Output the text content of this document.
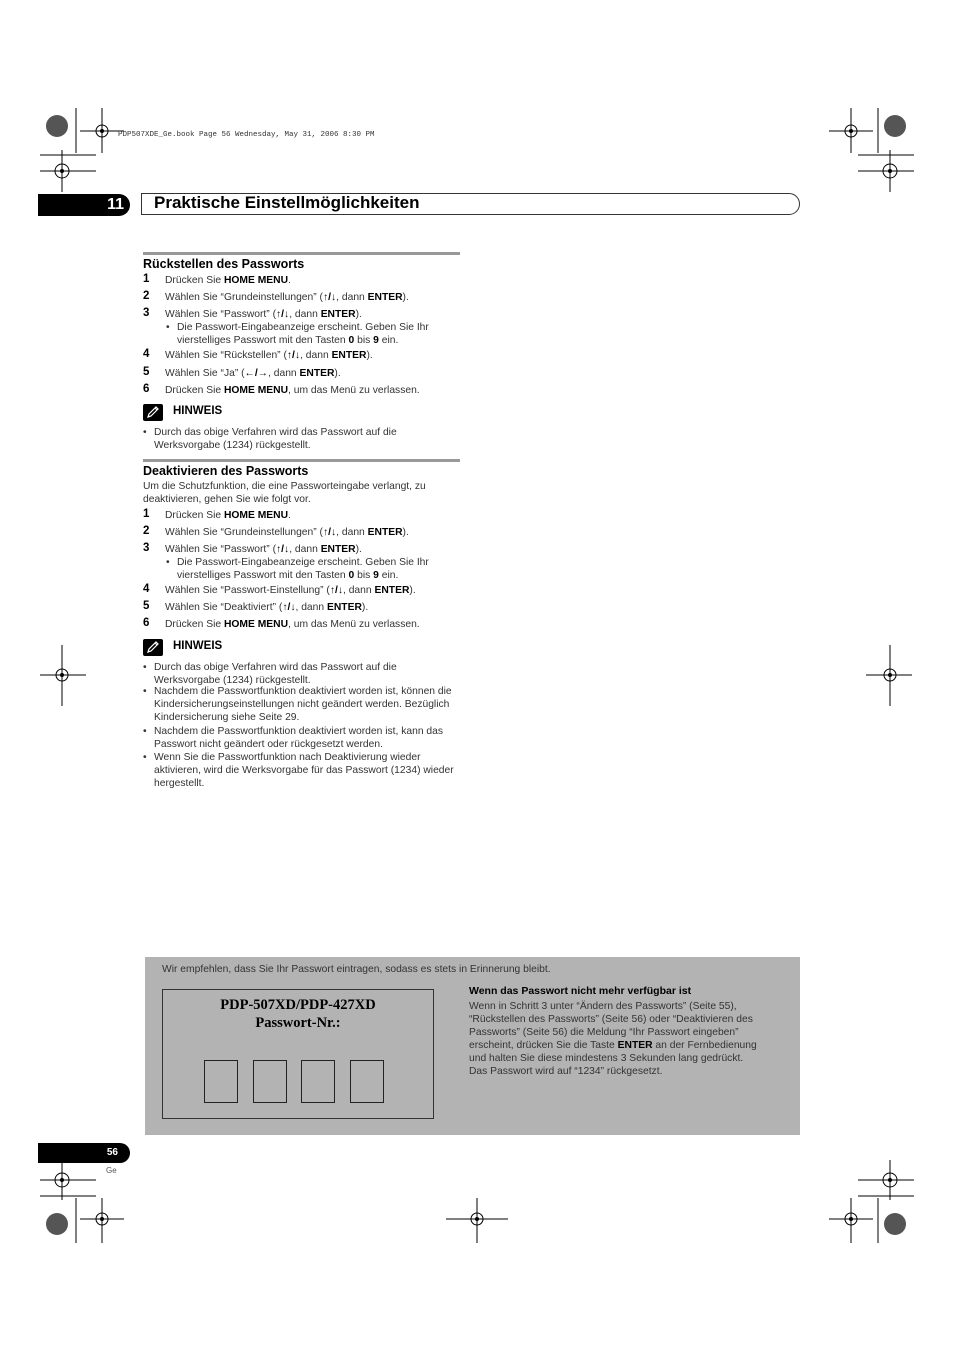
PDP507XDE_Ge.book Page 56 Wednesday, May 31, 2006 8:30 PM
11	Praktische Einstellmöglichkeiten
Rückstellen des Passworts
1 Drücken Sie HOME MENU.
2 Wählen Sie “Grundeinstellungen” (↑/↓, dann ENTER).
3 Wählen Sie “Passwort” (↑/↓, dann ENTER).
• Die Passwort-Eingabeanzeige erscheint. Geben Sie Ihr
vierstelliges Passwort mit den Tasten 0 bis 9 ein.
4 Wählen Sie “Rückstellen” (↑/↓, dann ENTER).
5 Wählen Sie “Ja” (←/→, dann ENTER).
6 Drücken Sie HOME MENU, um das Menü zu verlassen.
HINWEIS
• Durch das obige Verfahren wird das Passwort auf die Werksvorgabe (1234) rückgestellt.
Deaktivieren des Passworts
Um die Schutzfunktion, die eine Passworteingabe verlangt, zu deaktivieren, gehen Sie wie folgt vor.
1 Drücken Sie HOME MENU.
2 Wählen Sie “Grundeinstellungen” (↑/↓, dann ENTER).
3 Wählen Sie “Passwort” (↑/↓, dann ENTER).
• Die Passwort-Eingabeanzeige erscheint. Geben Sie Ihr
vierstelliges Passwort mit den Tasten 0 bis 9 ein.
4 Wählen Sie “Passwort-Einstellung” (↑/↓, dann ENTER).
5 Wählen Sie “Deaktiviert” (↑/↓, dann ENTER).
6 Drücken Sie HOME MENU, um das Menü zu verlassen.
HINWEIS
• Durch das obige Verfahren wird das Passwort auf die Werksvorgabe (1234) rückgestellt.
• Nachdem die Passwortfunktion deaktiviert worden ist, können die Kindersicherungseinstellungen nicht geändert werden. Bezüglich Kindersicherung siehe Seite 29.
• Nachdem die Passwortfunktion deaktiviert worden ist, kann das Passwort nicht geändert oder rückgesetzt werden.
• Wenn Sie die Passwortfunktion nach Deaktivierung wieder aktivieren, wird die Werksvorgabe für das Passwort (1234) wieder hergestellt.
Wir empfehlen, dass Sie Ihr Passwort eintragen, sodass es stets in Erinnerung bleibt.
PDP-507XD/PDP-427XD
Passwort-Nr.:
Wenn das Passwort nicht mehr verfügbar ist
Wenn in Schritt 3 unter “Ändern des Passworts” (Seite 55), “Rückstellen des Passworts” (Seite 56) oder “Deaktivieren des Passworts” (Seite 56) die Meldung “Ihr Passwort eingeben” erscheint, drücken Sie die Taste ENTER an der Fernbedienung und halten Sie diese mindestens 3 Sekunden lang gedrückt.
Das Passwort wird auf “1234” rückgesetzt.
56
Ge
